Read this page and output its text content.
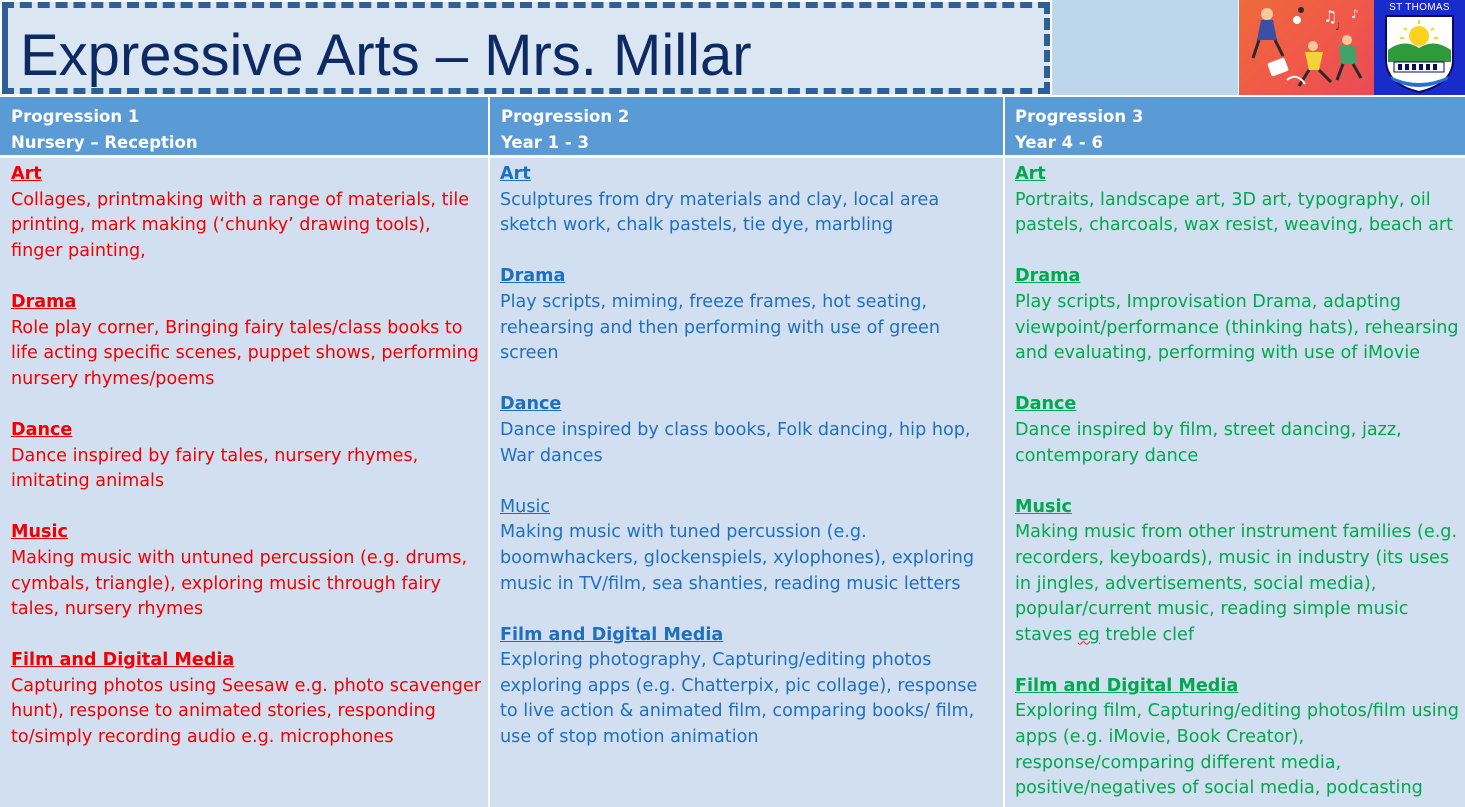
Expressive Arts – Mrs. Millar
♫ ♪
♩
ST THOMAS
Progression 1
Nursery – Reception
Art
Collages, printmaking with a range of materials, tile printing, mark making (‘chunky’ drawing tools), finger painting,
Drama
Role play corner, Bringing fairy tales/class books to life acting specific scenes, puppet shows, performing nursery rhymes/poems
Dance
Dance inspired by fairy tales, nursery rhymes, imitating animals
Music
Making music with untuned percussion (e.g. drums, cymbals, triangle), exploring music through fairy tales, nursery rhymes
Film and Digital Media
Capturing photos using Seesaw e.g. photo scavenger hunt), response to animated stories, responding to/simply recording audio e.g. microphones
Progression 2
Year 1 - 3
Art
Sculptures from dry materials and clay, local area sketch work, chalk pastels, tie dye, marbling
Drama
Play scripts, miming, freeze frames, hot seating, rehearsing and then performing with use of green screen
Dance
Dance inspired by class books, Folk dancing, hip hop, War dances
Music
Making music with tuned percussion (e.g. boomwhackers, glockenspiels, xylophones), exploring music in TV/film, sea shanties, reading music letters
Film and Digital Media
Exploring photography, Capturing/editing photos exploring apps (e.g. Chatterpix, pic collage), response to live action & animated film, comparing books/ film, use of stop motion animation
Progression 3
Year 4 - 6
Art
Portraits, landscape art, 3D art, typography, oil pastels, charcoals, wax resist, weaving, beach art
Drama
Play scripts, Improvisation Drama, adapting viewpoint/performance (thinking hats), rehearsing and evaluating, performing with use of iMovie
Dance
Dance inspired by film, street dancing, jazz, contemporary dance
Music
Making music from other instrument families (e.g. recorders, keyboards), music in industry (its uses in jingles, advertisements, social media), popular/current music, reading simple music staves eg treble clef
Film and Digital Media
Exploring film, Capturing/editing photos/film using apps (e.g. iMovie, Book Creator), response/comparing different media, positive/negatives of social media, podcasting
